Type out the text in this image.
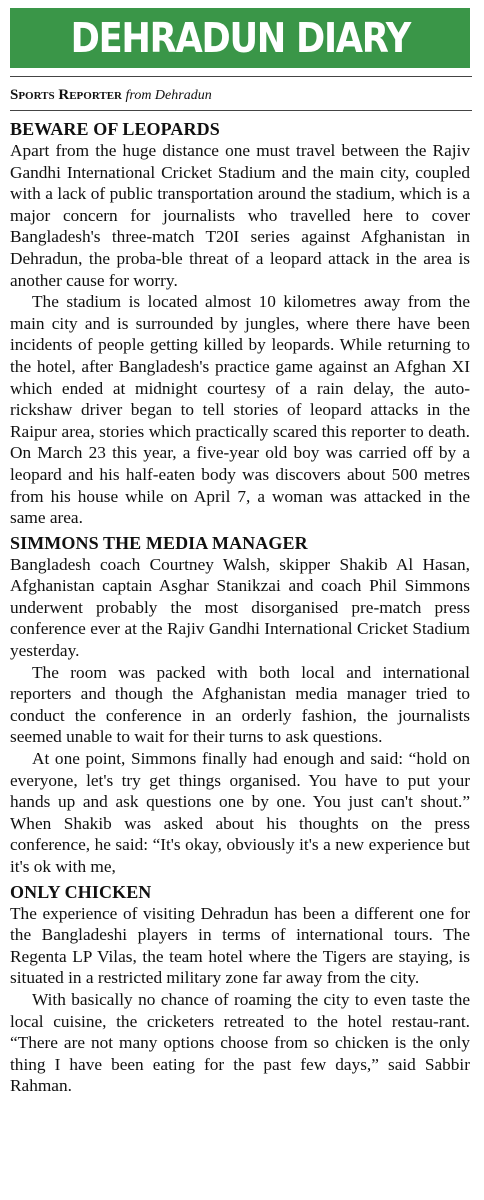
DEHRADUN DIARY
Sports Reporter from Dehradun
BEWARE OF LEOPARDS

Apart from the huge distance one must travel between the Rajiv Gandhi International Cricket Stadium and the main city, coupled with a lack of public transportation around the stadium, which is a major concern for journalists who travelled here to cover Bangladesh's three-match T20I series against Afghanistan in Dehradun, the proba-ble threat of a leopard attack in the area is another cause for worry.

The stadium is located almost 10 kilometres away from the main city and is surrounded by jungles, where there have been incidents of people getting killed by leopards. While returning to the hotel, after Bangladesh's practice game against an Afghan XI which ended at midnight courtesy of a rain delay, the auto-rickshaw driver began to tell stories of leopard attacks in the Raipur area, stories which practically scared this reporter to death. On March 23 this year, a five-year old boy was carried off by a leopard and his half-eaten body was discovers about 500 metres from his house while on April 7, a woman was attacked in the same area.

SIMMONS THE MEDIA MANAGER

Bangladesh coach Courtney Walsh, skipper Shakib Al Hasan, Afghanistan captain Asghar Stanikzai and coach Phil Simmons underwent probably the most disorganised pre-match press conference ever at the Rajiv Gandhi International Cricket Stadium yesterday.

The room was packed with both local and international reporters and though the Afghanistan media manager tried to conduct the conference in an orderly fashion, the journalists seemed unable to wait for their turns to ask questions.

At one point, Simmons finally had enough and said: “hold on everyone, let's try get things organised. You have to put your hands up and ask questions one by one. You just can't shout.” When Shakib was asked about his thoughts on the press conference, he said: “It's okay, obviously it's a new experience but it's ok with me,

ONLY CHICKEN

The experience of visiting Dehradun has been a different one for the Bangladeshi players in terms of international tours. The Regenta LP Vilas, the team hotel where the Tigers are staying, is situated in a restricted military zone far away from the city.

With basically no chance of roaming the city to even taste the local cuisine, the cricketers retreated to the hotel restau-rant. “There are not many options choose from so chicken is the only thing I have been eating for the past few days,” said Sabbir Rahman.
